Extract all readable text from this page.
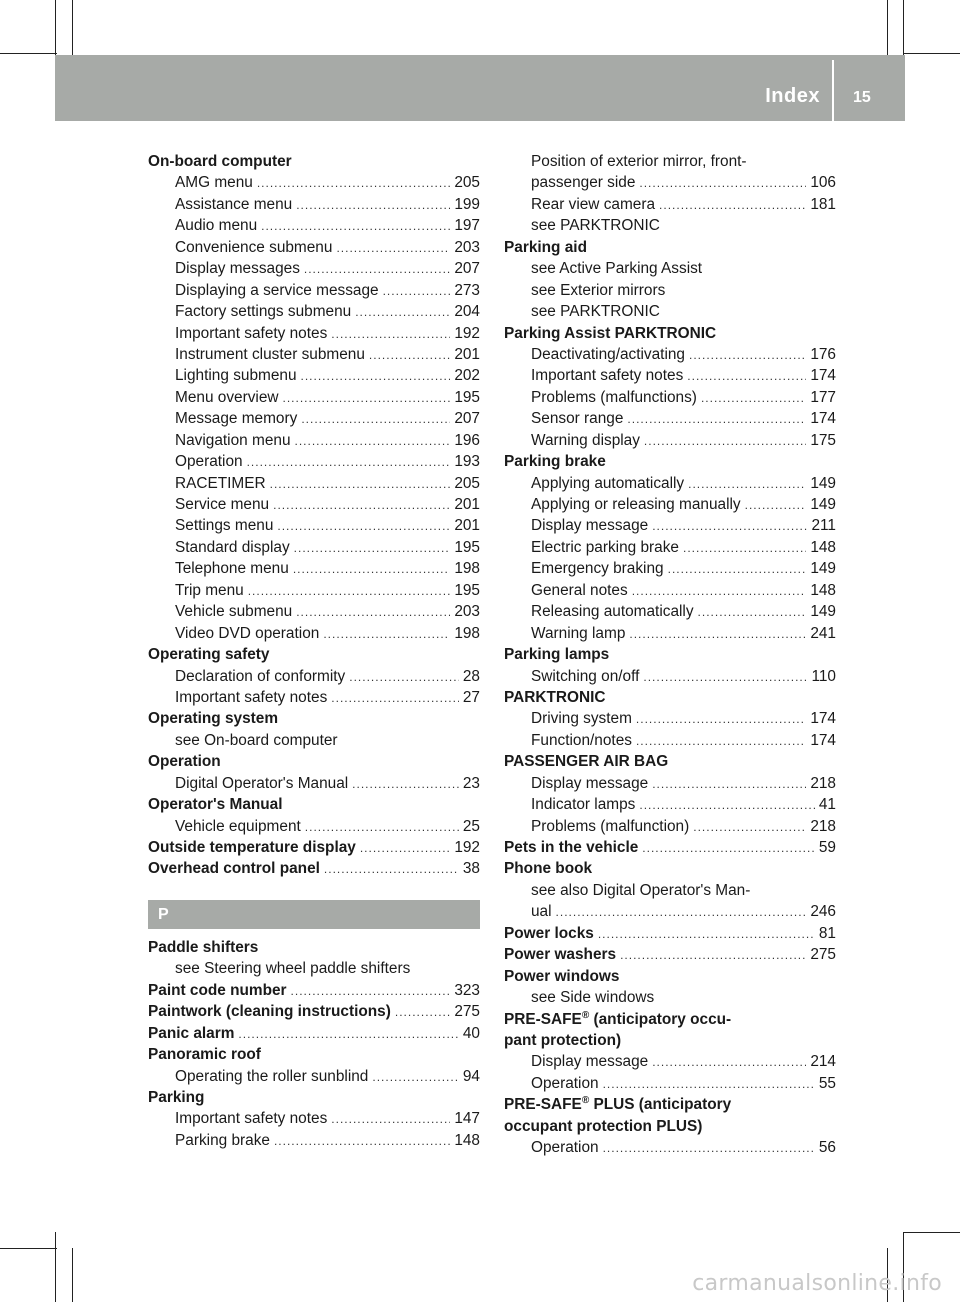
Index 15
On-board computer
AMG menu .....	205
Assistance menu .....	199
Audio menu .....	197
Convenience submenu .....	203
Display messages .....	207
Displaying a service message .....	273
Factory settings submenu .....	204
Important safety notes .....	192
Instrument cluster submenu .....	201
Lighting submenu .....	202
Menu overview .....	195
Message memory .....	207
Navigation menu .....	196
Operation .....	193
RACETIMER .....	205
Service menu .....	201
Settings menu .....	201
Standard display .....	195
Telephone menu .....	198
Trip menu .....	195
Vehicle submenu .....	203
Video DVD operation .....	198
Operating safety
Declaration of conformity .....	28
Important safety notes .....	27
Operating system
see On-board computer
Operation
Digital Operator's Manual .....	23
Operator's Manual
Vehicle equipment .....	25
Outside temperature display .....	192
Overhead control panel .....	38
P
Paddle shifters
see Steering wheel paddle shifters
Paint code number .....	323
Paintwork (cleaning instructions) .....	275
Panic alarm .....	40
Panoramic roof
Operating the roller sunblind .....	94
Parking
Important safety notes .....	147
Parking brake .....	148
Position of exterior mirror, front-
passenger side .....	106
Rear view camera .....	181
see PARKTRONIC
Parking aid
see Active Parking Assist
see Exterior mirrors
see PARKTRONIC
Parking Assist PARKTRONIC
Deactivating/activating .....	176
Important safety notes .....	174
Problems (malfunctions) .....	177
Sensor range .....	174
Warning display .....	175
Parking brake
Applying automatically .....	149
Applying or releasing manually .....	149
Display message .....	211
Electric parking brake .....	148
Emergency braking .....	149
General notes .....	148
Releasing automatically .....	149
Warning lamp .....	241
Parking lamps
Switching on/off .....	110
PARKTRONIC
Driving system .....	174
Function/notes .....	174
PASSENGER AIR BAG
Display message .....	218
Indicator lamps .....	41
Problems (malfunction) .....	218
Pets in the vehicle .....	59
Phone book
see also Digital Operator's Man-
ual .....	246
Power locks .....	81
Power washers .....	275
Power windows
see Side windows
PRE-SAFE® (anticipatory occu-
pant protection)
Display message .....	214
Operation .....	55
PRE-SAFE® PLUS (anticipatory
occupant protection PLUS)
Operation .....	56
carmanualsonline.info
